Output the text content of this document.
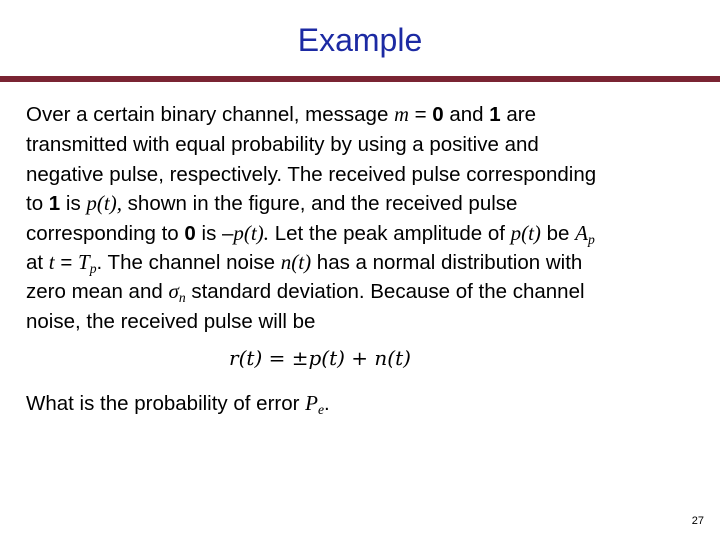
Example

Over a certain binary channel, message m = 0 and 1 are

transmitted with equal probability by using a positive and

negative pulse, respectively. The received pulse corresponding

to 1 is p(t), shown in the figure, and the received pulse

corresponding to 0 is –p(t). Let the peak amplitude of p(t) be $A_p$

at $t = T_p$. The channel noise n(t) has a normal distribution with

zero mean and $\sigma_n$ standard deviation. Because of the channel

noise, the received pulse will be

r(t) = ±p(t) + n(t)
What is the probability of error $P_e$.
27
